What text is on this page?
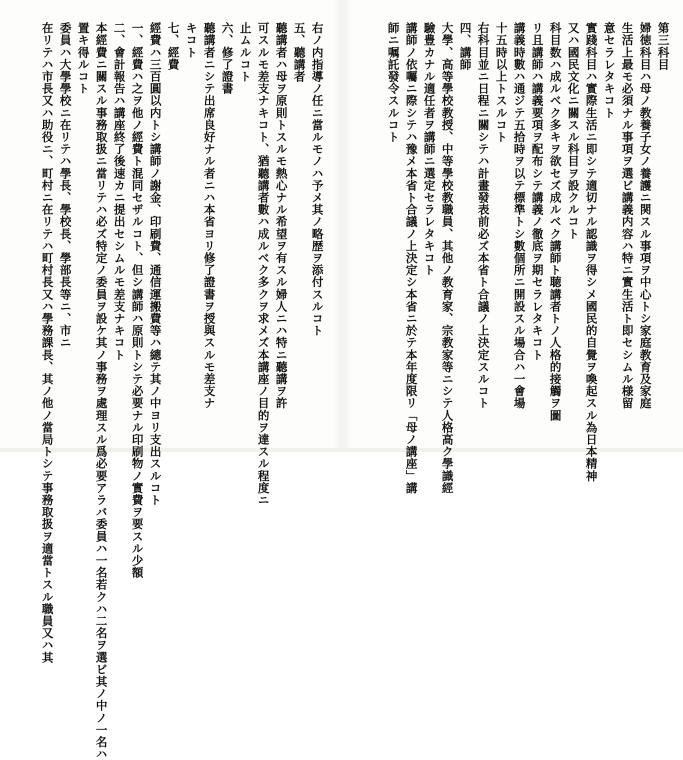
第三科目
婦徳科目ハ母ノ教養子女ノ養護ニ関スル事項ヲ中心トシ家庭教育及家庭
生活上最モ必須ナル事項ヲ選ビ講義内容ハ特ニ實生活ト即セシムル様留
意セラレタキコト
實踐科目ハ實際生活ニ即シテ適切ナル認識ヲ得シメ國民的自覺ヲ喚起スル為日本精神
又ハ國民文化ニ關スル科目ヲ設クルコト
科目数ハ成ルベク多キヲ欲セズ成ルベク講師ト聴講者トノ人格的接觸ヲ圖
リ且講師ハ講義要項ヲ配布シテ講義ノ徹底ヲ期セラレタキコト
講義時數ハ通ジテ五拾時ヲ以テ標準トシ數個所ニ開設スル場合ハ一會場
十五時以上トスルコト
右科目並ニ日程ニ關シテハ計畫發表前必ズ本省ト合議ノ上決定スルコト
四、講師
大學、高等學校教授、中等學校教職員、其他ノ教育家、宗教家等ニシテ人格高ク學識經
驗豊カナル適任者ヲ講師ニ選定セラレタキコト
講師ノ依囑ニ際シテハ豫メ本省ト合議ノ上決定シ本省ニ於テ本年度限リ「母ノ講座」講
師ニ嘱託發令スルコト
右ノ内指導ノ任ニ當ルモノハ予メ其ノ略歴ヲ添付スルコト
五、聽講者
聽講者ハ母ヲ原則トスルモ熱心ナル希望ヲ有スル婦人ニハ特ニ聽講ヲ許
可スルモ差支ナキコト、猶聽講者數ハ成ルベク多クヲ求メズ本講座ノ目的ヲ達スル程度ニ
止ムルコト
六、修了證書
聽講者ニシテ出席良好ナル者ニハ本省ヨリ修了證書ヲ授與スルモ差支ナ
キコト
七、經費
經費ハ三百圓以内トシ講師ノ謝金、印刷費、通信運搬費等ハ總テ其ノ中ヨリ支出スルコト
一、經費ハ之ヲ他ノ經費ト混同セザルコト、但シ講師ハ原則トシテ必要ナル印刷物ノ實費ヲ要スル少額
二、會計報告ハ講座終了後速カニ提出セシムルモ差支ナキコト
本經費ニ關スル事務取扱ニ當リテハ必ズ特定ノ委員ヲ設ケ其ノ事務ヲ處理スル爲必要アラバ委員ハ一名若クハ二名ヲ選ビ其ノ中ノ一名ハ
置キ得ルコト
委員ハ大學學校ニ在リテハ學長、學校長、學部長等ニ、市ニ
在リテハ市長又ハ助役ニ、町村ニ在リテハ町村長又ハ學務課長、其ノ他ノ當局トシテ事務取扱ヲ適當トスル職員又ハ其
